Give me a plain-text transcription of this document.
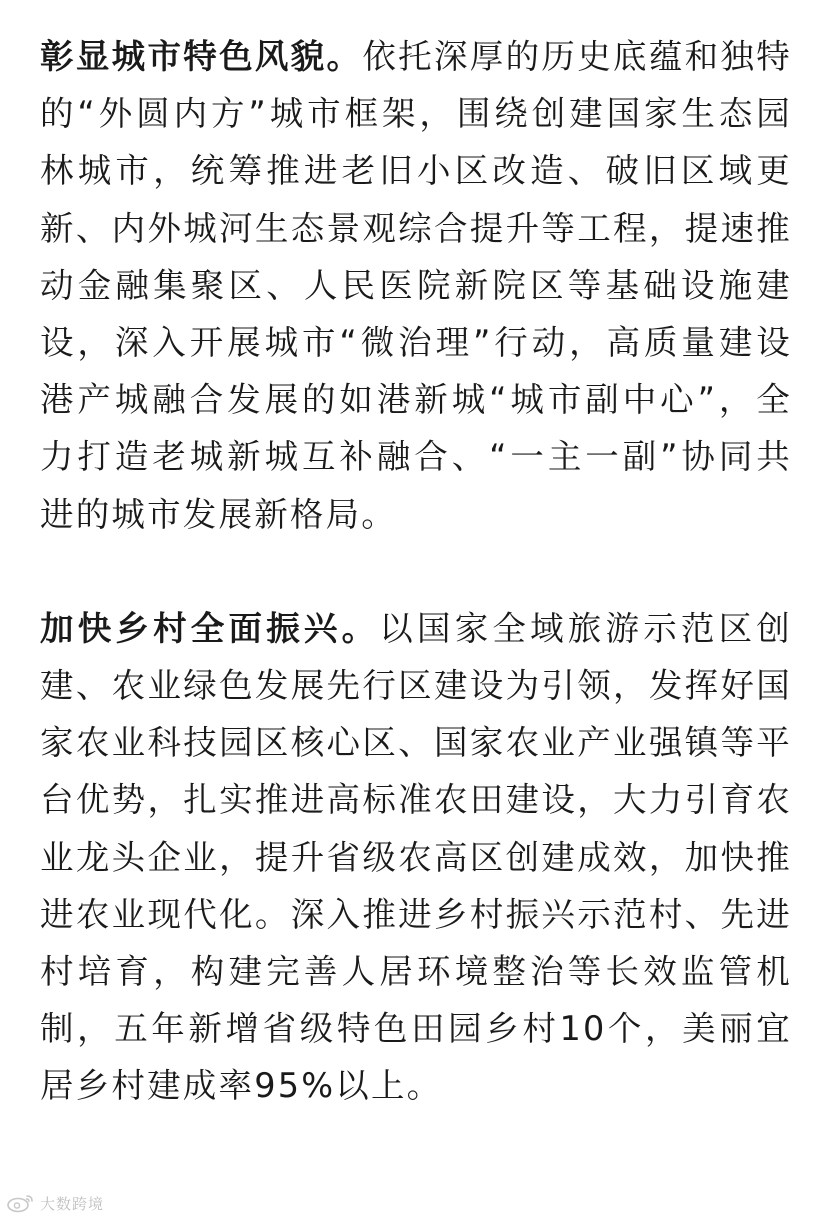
彰显城市特色风貌。依托深厚的历史底蕴和独特的“外圆内方”城市框架，围绕创建国家生态园林城市，统筹推进老旧小区改造、破旧区域更新、内外城河生态景观综合提升等工程，提速推动金融集聚区、人民医院新院区等基础设施建设，深入开展城市“微治理”行动，高质量建设港产城融合发展的如港新城“城市副中心”，全力打造老城新城互补融合、“一主一副”协同共进的城市发展新格局。

加快乡村全面振兴。以国家全域旅游示范区创建、农业绿色发展先行区建设为引领，发挥好国家农业科技园区核心区、国家农业产业强镇等平台优势，扎实推进高标准农田建设，大力引育农业龙头企业，提升省级农高区创建成效，加快推进农业现代化。深入推进乡村振兴示范村、先进村培育，构建完善人居环境整治等长效监管机制，五年新增省级特色田园乡村10个，美丽宜居乡村建成率95%以上。

大数跨境
